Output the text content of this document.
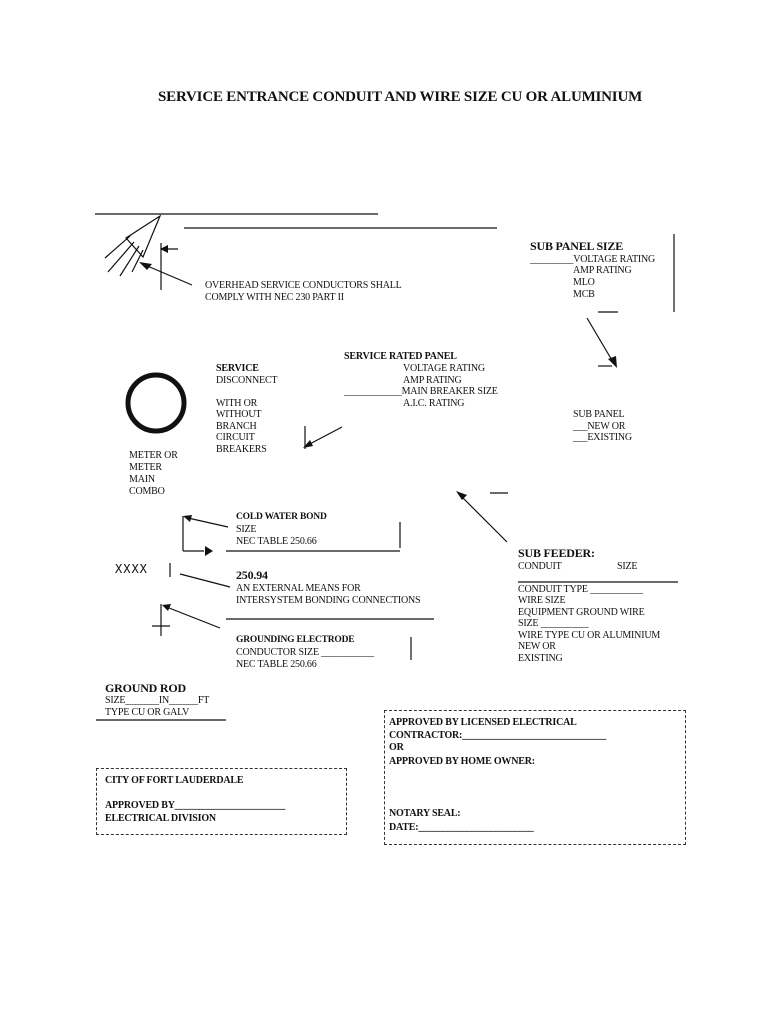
SERVICE ENTRANCE CONDUIT AND WIRE SIZE CU OR ALUMINIUM
OVERHEAD SERVICE CONDUCTORS SHALL
COMPLY WITH NEC 230 PART II
SUB PANEL SIZE
_________VOLTAGE RATING
AMP RATING
MLO
MCB
SERVICE RATED PANEL
VOLTAGE RATING
AMP RATING
____________MAIN BREAKER SIZE
A.I.C. RATING
SERVICE
DISCONNECT
WITH OR
WITHOUT
BRANCH
CIRCUIT
BREAKERS
METER OR
METER
MAIN
COMBO
SUB PANEL
___NEW OR
___EXISTING
COLD WATER BOND
SIZE
NEC TABLE 250.66
XXXX	250.94
AN EXTERNAL MEANS FOR
INTERSYSTEM BONDING CONNECTIONS
SUB FEEDER:
CONDUIT	SIZE
CONDUIT TYPE ___________
WIRE SIZE
EQUIPMENT GROUND WIRE
SIZE __________
WIRE TYPE CU OR ALUMINIUM
NEW OR
EXISTING
GROUNDING ELECTRODE
CONDUCTOR SIZE ___________
NEC TABLE 250.66
GROUND ROD
SIZE_______IN______FT
TYPE CU OR GALV
APPROVED BY LICENSED ELECTRICAL
CONTRACTOR:______________________________
OR
APPROVED BY HOME OWNER:
NOTARY SEAL:
DATE:________________________
CITY OF FORT LAUDERDALE
APPROVED BY_______________________
ELECTRICAL DIVISION
